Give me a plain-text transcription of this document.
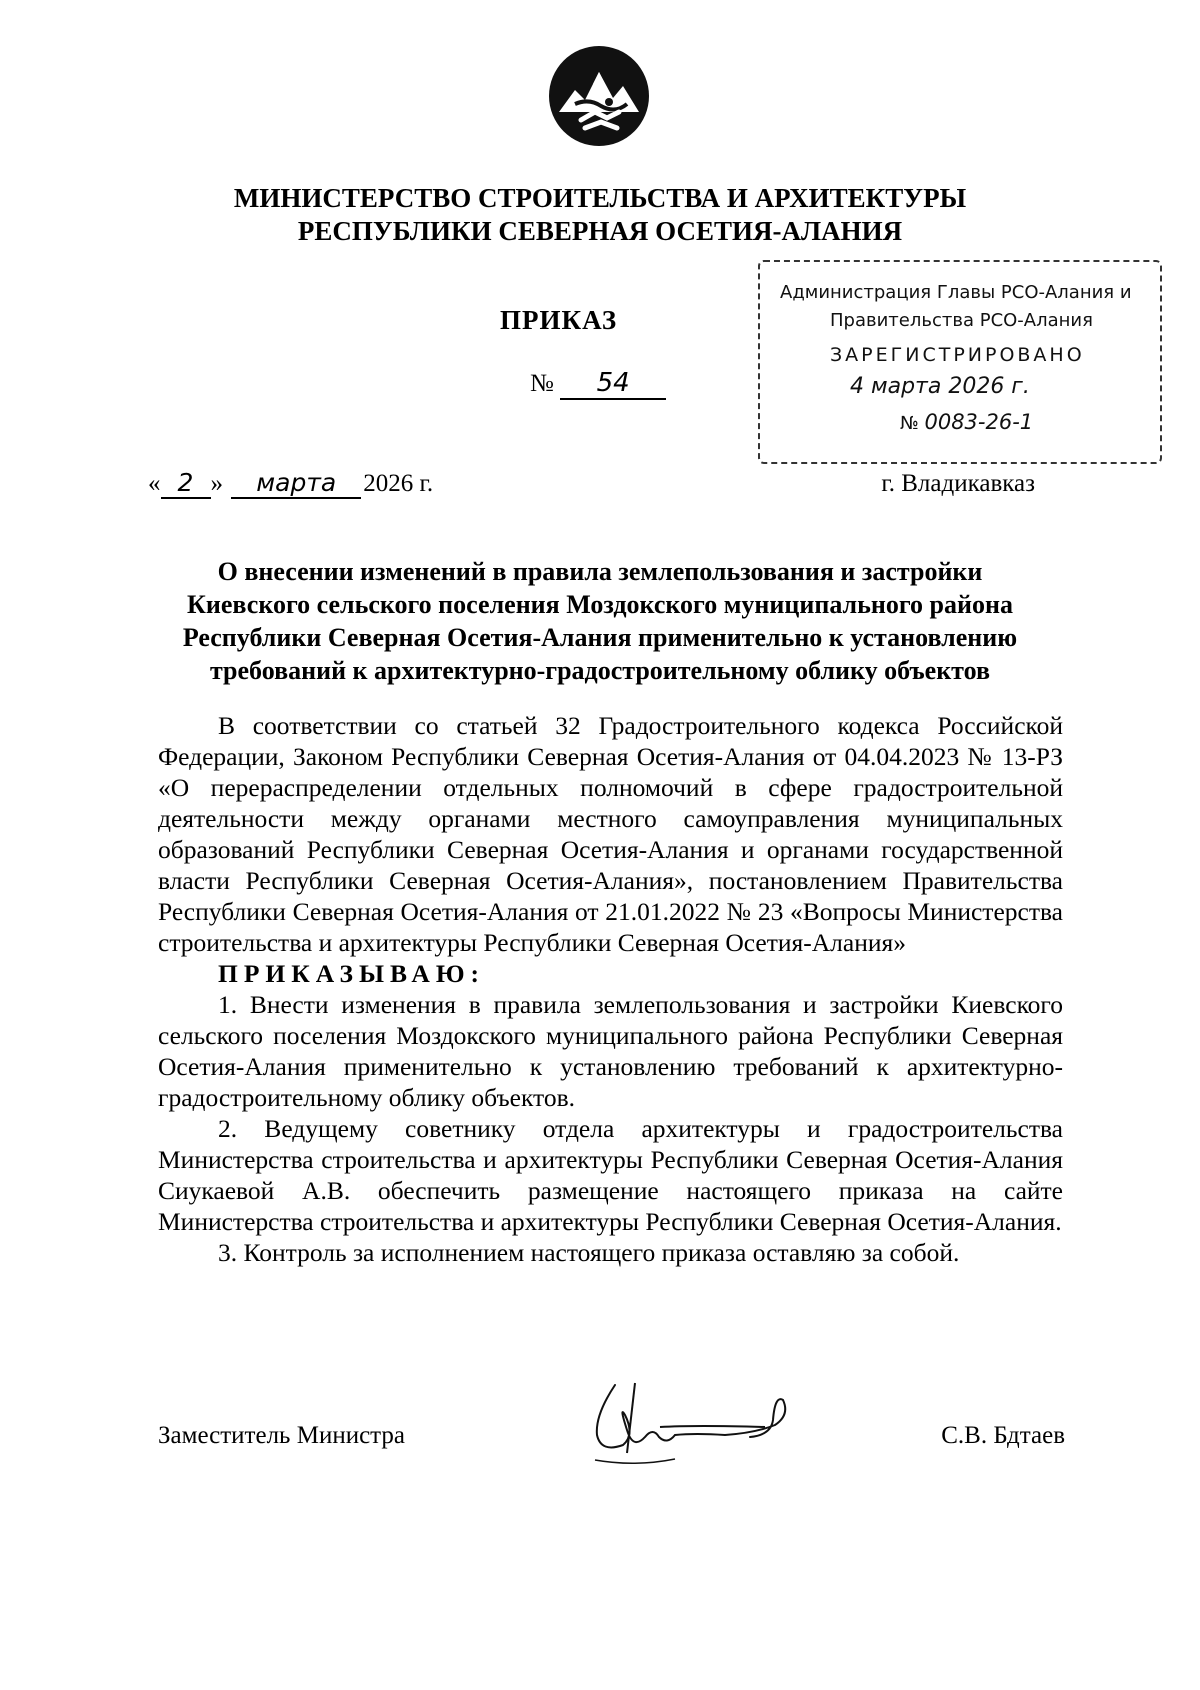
МИНИСТЕРСТВО СТРОИТЕЛЬСТВА И АРХИТЕКТУРЫ
РЕСПУБЛИКИ СЕВЕРНАЯ ОСЕТИЯ-АЛАНИЯ
ПРИКАЗ
№ 54
Администрация Главы РСО-Алания и
Правительства РСО-Алания
ЗАРЕГИСТРИРОВАНО
4 марта 2026 г.
№ 0083-26-1
« 2 » марта 2026 г.	г. Владикавказ
О внесении изменений в правила землепользования и застройки
Киевского сельского поселения Моздокского муниципального района
Республики Северная Осетия-Алания применительно к установлению
требований к архитектурно-градостроительному облику объектов

В соответствии со статьей 32 Градостроительного кодекса Российской Федерации, Законом Республики Северная Осетия-Алания от 04.04.2023 № 13-РЗ «О перераспределении отдельных полномочий в сфере градостроительной деятельности между органами местного самоуправления муниципальных образований Республики Северная Осетия-Алания и органами государственной власти Республики Северная Осетия-Алания», постановлением Правительства Республики Северная Осетия-Алания от 21.01.2022 № 23 «Вопросы Министерства строительства и архитектуры Республики Северная Осетия-Алания»

ПРИКАЗЫВАЮ:

1. Внести изменения в правила землепользования и застройки Киевского сельского поселения Моздокского муниципального района Республики Северная Осетия-Алания применительно к установлению требований к архитектурно-градостроительному облику объектов.

2. Ведущему советнику отдела архитектуры и градостроительства Министерства строительства и архитектуры Республики Северная Осетия-Алания Сиукаевой А.В. обеспечить размещение настоящего приказа на сайте Министерства строительства и архитектуры Республики Северная Осетия-Алания.

3. Контроль за исполнением настоящего приказа оставляю за собой.

Заместитель Министра	С.В. Бдтаев
